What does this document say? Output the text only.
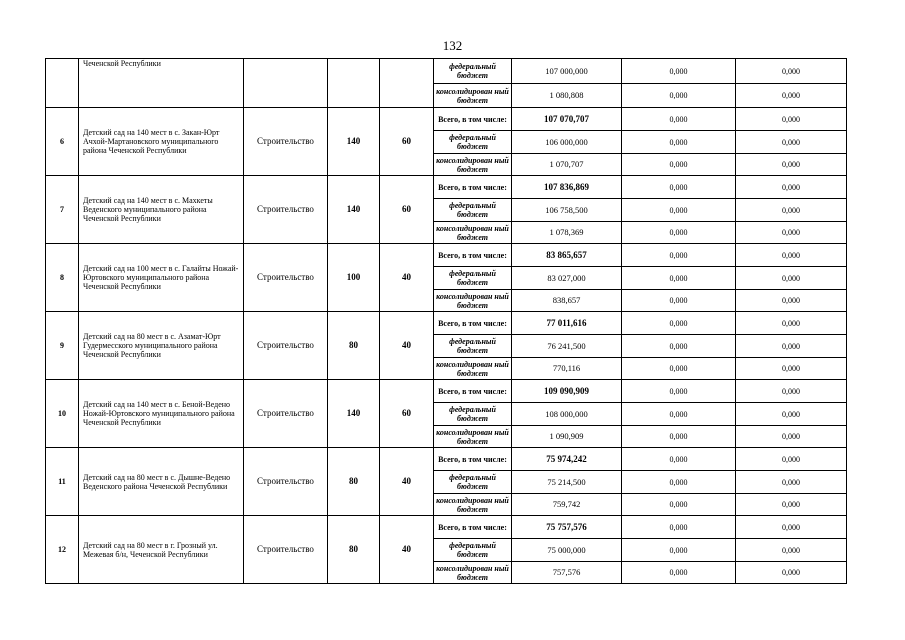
132
	Чеченской Республики				федеральный бюджет	107 000,000	0,000	0,000
					консолидирован ный бюджет	1 080,808	0,000	0,000
6	Детский сад на 140 мест в с. Закан-Юрт Ачхой-Мартановского муниципального района Чеченской Республики	Строительство	140	60	Всего, в том числе:	107 070,707	0,000	0,000
					федеральный бюджет	106 000,000	0,000	0,000
					консолидирован ный бюджет	1 070,707	0,000	0,000
7	Детский сад на 140 мест в с. Махкеты Веденского муниципального района Чеченской Республики	Строительство	140	60	Всего, в том числе:	107 836,869	0,000	0,000
					федеральный бюджет	106 758,500	0,000	0,000
					консолидирован ный бюджет	1 078,369	0,000	0,000
8	Детский сад на 100 мест в с. Галайты Ножай-Юртовского муниципального района Чеченской Республики	Строительство	100	40	Всего, в том числе:	83 865,657	0,000	0,000
					федеральный бюджет	83 027,000	0,000	0,000
					консолидирован ный бюджет	838,657	0,000	0,000
9	Детский сад на 80 мест в с. Азамат-Юрт Гудермесского муниципального района Чеченской Республики	Строительство	80	40	Всего, в том числе:	77 011,616	0,000	0,000
					федеральный бюджет	76 241,500	0,000	0,000
					консолидирован ный бюджет	770,116	0,000	0,000
10	Детский сад на 140 мест в с. Беной-Ведено Ножай-Юртовского муниципального района Чеченской Республики	Строительство	140	60	Всего, в том числе:	109 090,909	0,000	0,000
					федеральный бюджет	108 000,000	0,000	0,000
					консолидирован ный бюджет	1 090,909	0,000	0,000
11	Детский сад на 80 мест в с. Дышне-Ведено Веденского района Чеченской Республики	Строительство	80	40	Всего, в том числе:	75 974,242	0,000	0,000
					федеральный бюджет	75 214,500	0,000	0,000
					консолидирован ный бюджет	759,742	0,000	0,000
12	Детский сад на 80 мест в г. Грозный ул. Межевая б/н, Чеченской Республики	Строительство	80	40	Всего, в том числе:	75 757,576	0,000	0,000
					федеральный бюджет	75 000,000	0,000	0,000
					консолидирован ный бюджет	757,576	0,000	0,000
